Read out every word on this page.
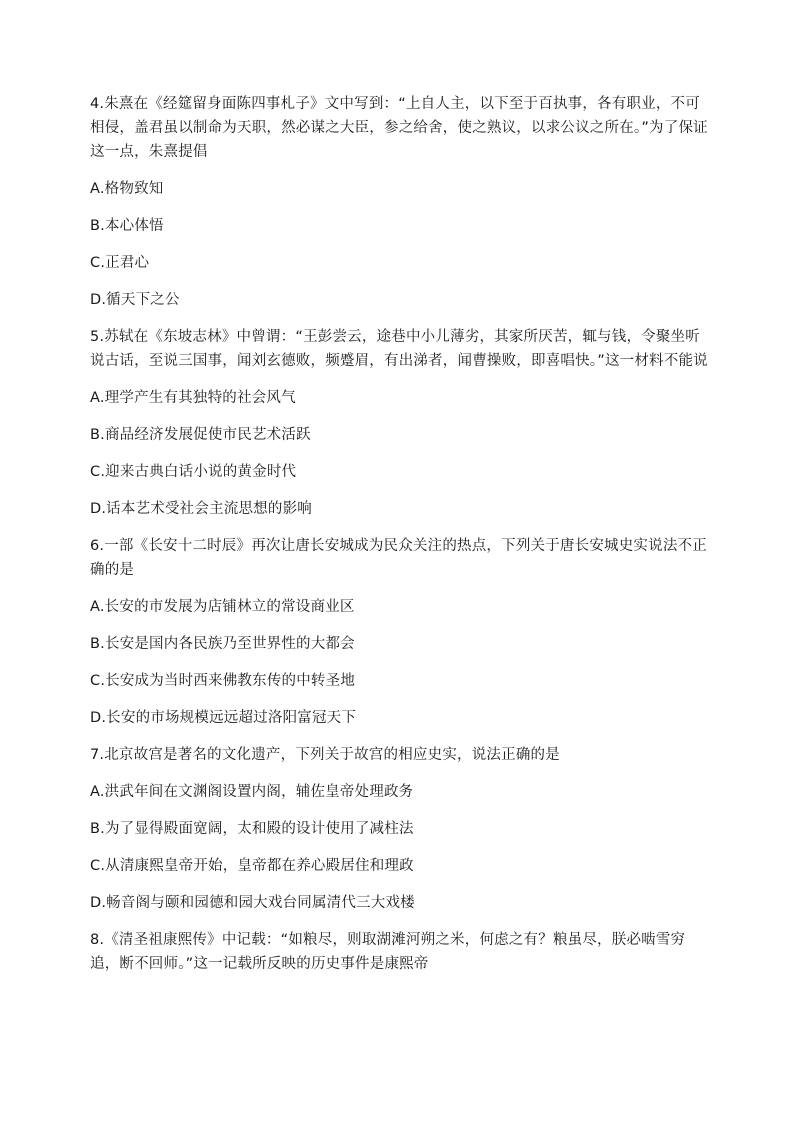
4.朱熹在《经筵留身面陈四事札子》文中写到：“上自人主，以下至于百执事，各有职业，不可相侵，盖君虽以制命为天职，然必谋之大臣，参之给舍，使之熟议，以求公议之所在。”为了保证这一点，朱熹提倡

A.格物致知

B.本心体悟

C.正君心

D.循天下之公

5.苏轼在《东坡志林》中曾谓：“王彭尝云，途巷中小儿薄劣，其家所厌苦，辄与钱，令聚坐听说古话，至说三国事，闻刘玄德败，频蹙眉，有出涕者，闻曹操败，即喜唱快。”这一材料不能说

A.理学产生有其独特的社会风气

B.商品经济发展促使市民艺术活跃

C.迎来古典白话小说的黄金时代

D.话本艺术受社会主流思想的影响

6.一部《长安十二时辰》再次让唐长安城成为民众关注的热点，下列关于唐长安城史实说法不正确的是

A.长安的市发展为店铺林立的常设商业区

B.长安是国内各民族乃至世界性的大都会

C.长安成为当时西来佛教东传的中转圣地

D.长安的市场规模远远超过洛阳富冠天下

7.北京故宫是著名的文化遗产，下列关于故宫的相应史实，说法正确的是

A.洪武年间在文渊阁设置内阁，辅佐皇帝处理政务

B.为了显得殿面宽阔，太和殿的设计使用了减柱法

C.从清康熙皇帝开始，皇帝都在养心殿居住和理政

D.畅音阁与颐和园德和园大戏台同属清代三大戏楼

8.《清圣祖康熙传》中记载：“如粮尽，则取湖滩河朔之米，何虑之有？粮虽尽，朕必啮雪穷追，断不回师。”这一记载所反映的历史事件是康熙帝
